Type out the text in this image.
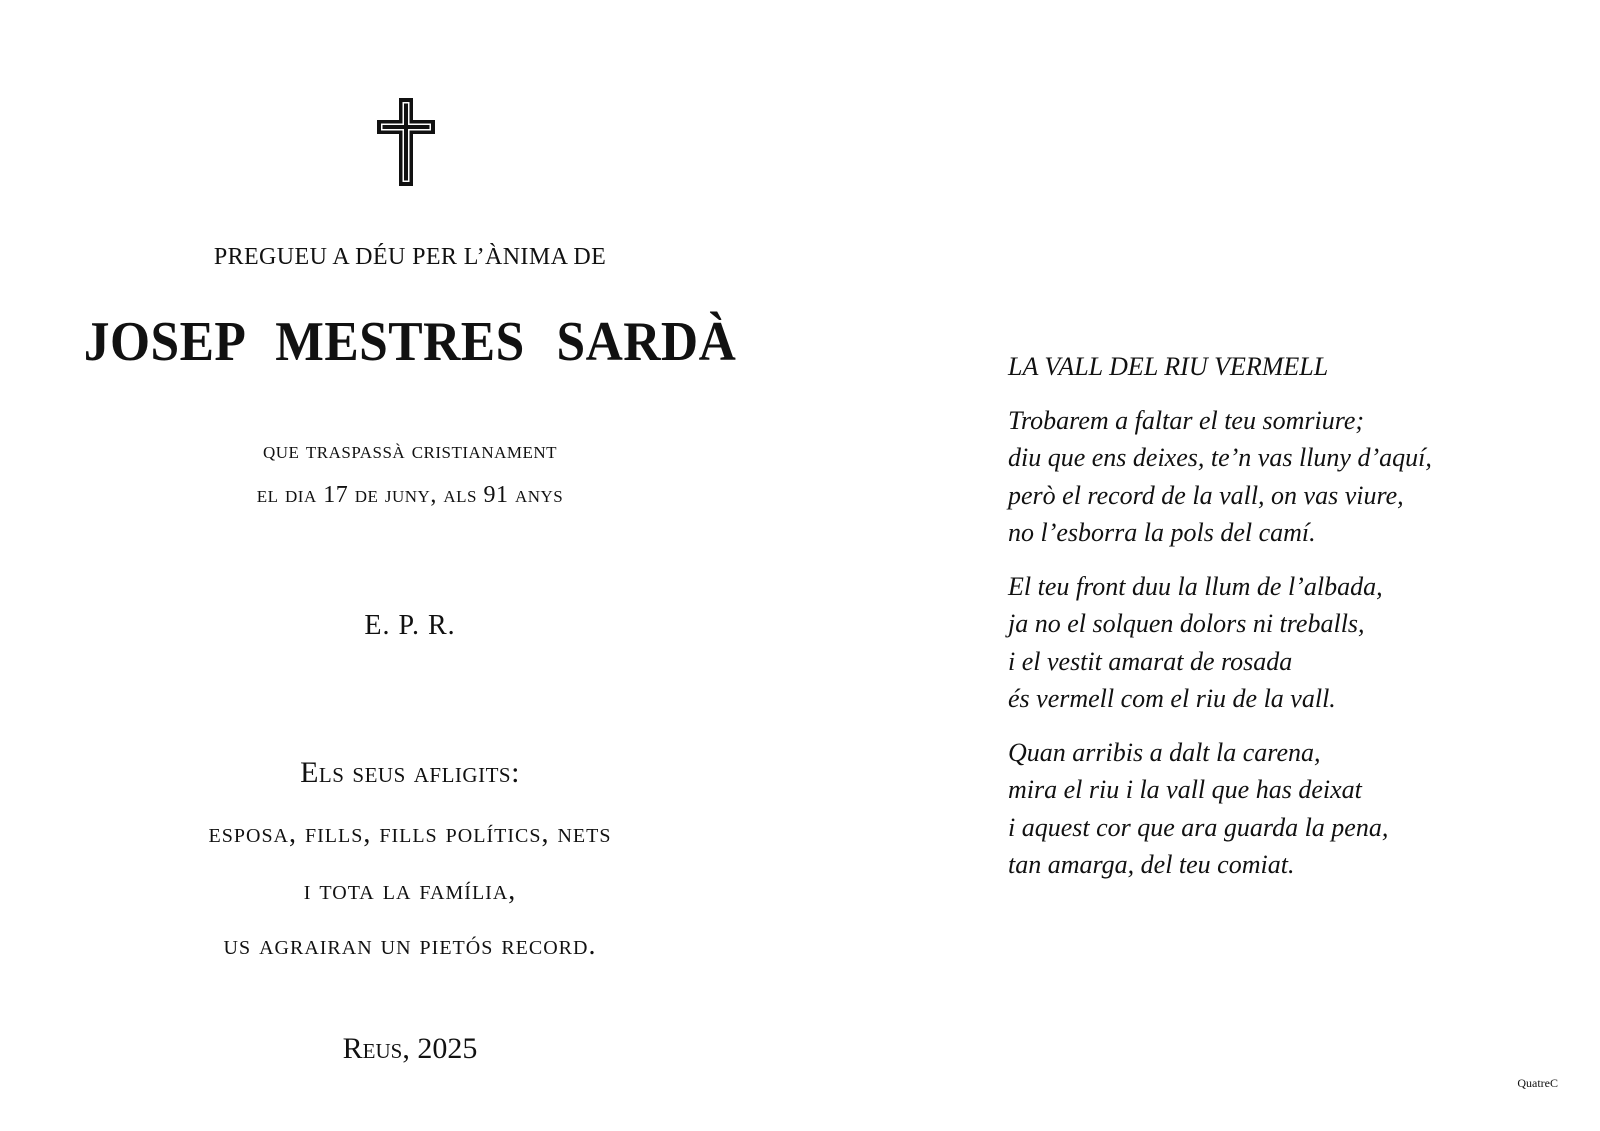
PREGUEU A DÉU PER L’ÀNIMA DE
JOSEP MESTRES SARDÀ
que traspassà cristianament
el dia 17 de juny, als 91 anys
E. P. R.
Els seus afligits:
esposa, fills, fills polítics, nets
i tota la família,
us agrairan un pietós record.
Reus, 2025
LA VALL DEL RIU VERMELL
Trobarem a faltar el teu somriure;
diu que ens deixes, te’n vas lluny d’aquí,
però el record de la vall, on vas viure,
no l’esborra la pols del camí.
El teu front duu la llum de l’albada,
ja no el solquen dolors ni treballs,
i el vestit amarat de rosada
és vermell com el riu de la vall.
Quan arribis a dalt la carena,
mira el riu i la vall que has deixat
i aquest cor que ara guarda la pena,
tan amarga, del teu comiat.
QuatreC
